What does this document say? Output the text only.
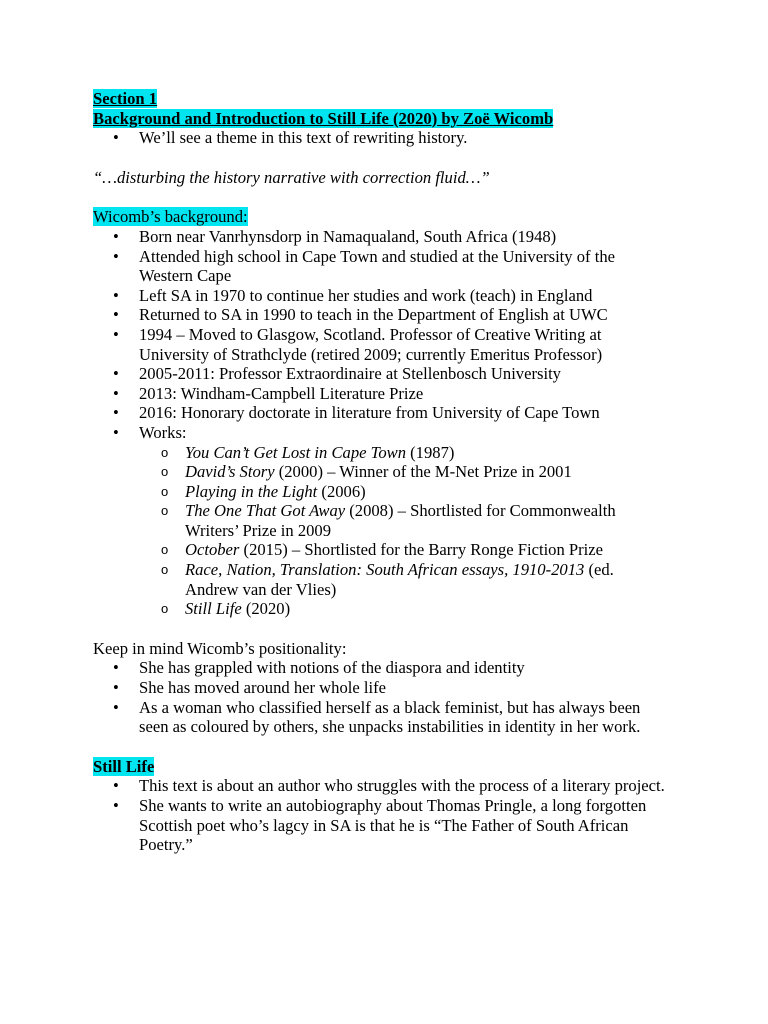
Section 1

Background and Introduction to Still Life (2020) by Zoë Wicomb

• We’ll see a theme in this text of rewriting history.

“…disturbing the history narrative with correction fluid…”

Wicomb’s background:

• Born near Vanrhynsdorp in Namaqualand, South Africa (1948)
• Attended high school in Cape Town and studied at the University of the Western Cape
• Left SA in 1970 to continue her studies and work (teach) in England
• Returned to SA in 1990 to teach in the Department of English at UWC
• 1994 – Moved to Glasgow, Scotland. Professor of Creative Writing at University of Strathclyde (retired 2009; currently Emeritus Professor)
• 2005-2011: Professor Extraordinaire at Stellenbosch University
• 2013: Windham-Campbell Literature Prize
• 2016: Honorary doctorate in literature from University of Cape Town
• Works:
o You Can’t Get Lost in Cape Town (1987)
o David’s Story (2000) – Winner of the M-Net Prize in 2001
o Playing in the Light (2006)
o The One That Got Away (2008) – Shortlisted for Commonwealth Writers’ Prize in 2009
o October (2015) – Shortlisted for the Barry Ronge Fiction Prize
o Race, Nation, Translation: South African essays, 1910-2013 (ed. Andrew van der Vlies)
o Still Life (2020)

Keep in mind Wicomb’s positionality:

• She has grappled with notions of the diaspora and identity
• She has moved around her whole life
• As a woman who classified herself as a black feminist, but has always been seen as coloured by others, she unpacks instabilities in identity in her work.

Still Life

• This text is about an author who struggles with the process of a literary project.
• She wants to write an autobiography about Thomas Pringle, a long forgotten Scottish poet who’s lagcy in SA is that he is “The Father of South African Poetry.”
